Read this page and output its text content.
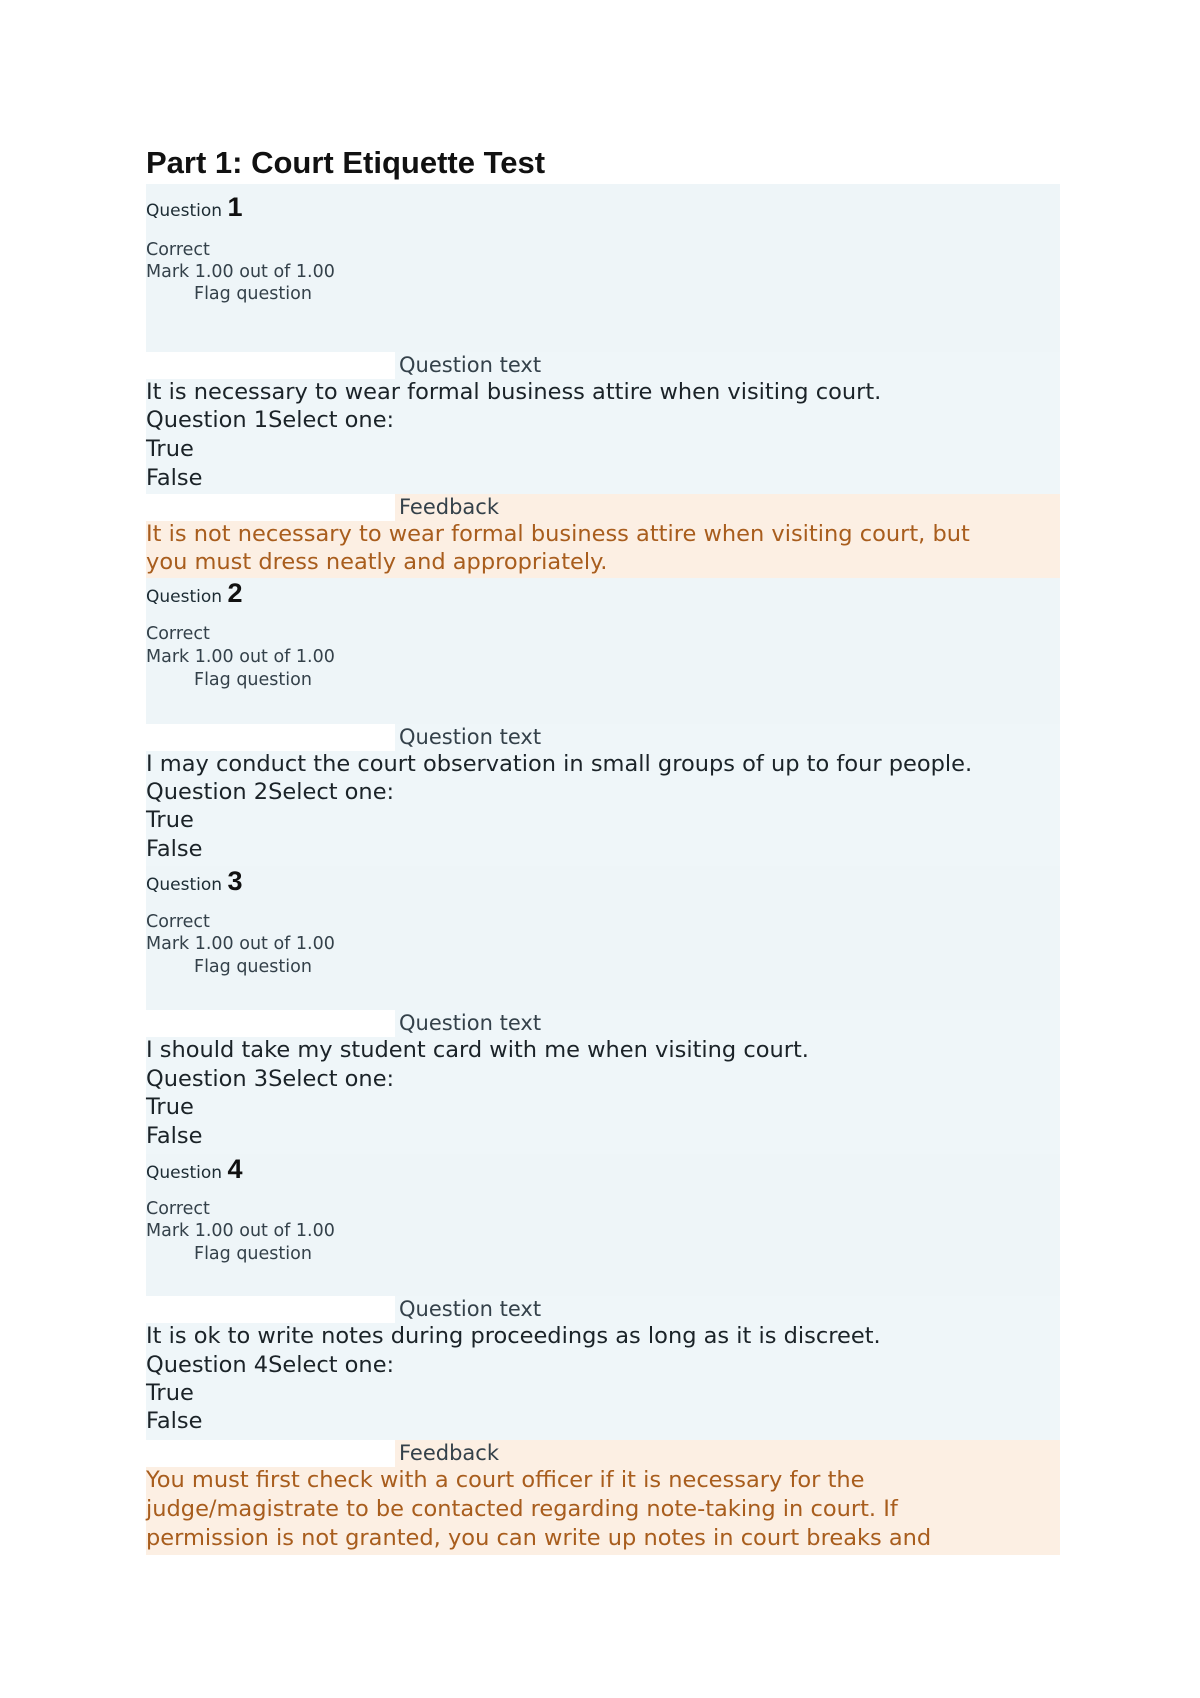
Part 1: Court Etiquette Test
Question 1
Correct
Mark 1.00 out of 1.00
Flag question
Question text
It is necessary to wear formal business attire when visiting court.
Question 1Select one:
True
False
Feedback
It is not necessary to wear formal business attire when visiting court, but
you must dress neatly and appropriately.
Question 2
Correct
Mark 1.00 out of 1.00
Flag question
Question text
I may conduct the court observation in small groups of up to four people.
Question 2Select one:
True
False
Question 3
Correct
Mark 1.00 out of 1.00
Flag question
Question text
I should take my student card with me when visiting court.
Question 3Select one:
True
False
Question 4
Correct
Mark 1.00 out of 1.00
Flag question
Question text
It is ok to write notes during proceedings as long as it is discreet.
Question 4Select one:
True
False
Feedback
You must first check with a court officer if it is necessary for the
judge/magistrate to be contacted regarding note-taking in court. If
permission is not granted, you can write up notes in court breaks and
